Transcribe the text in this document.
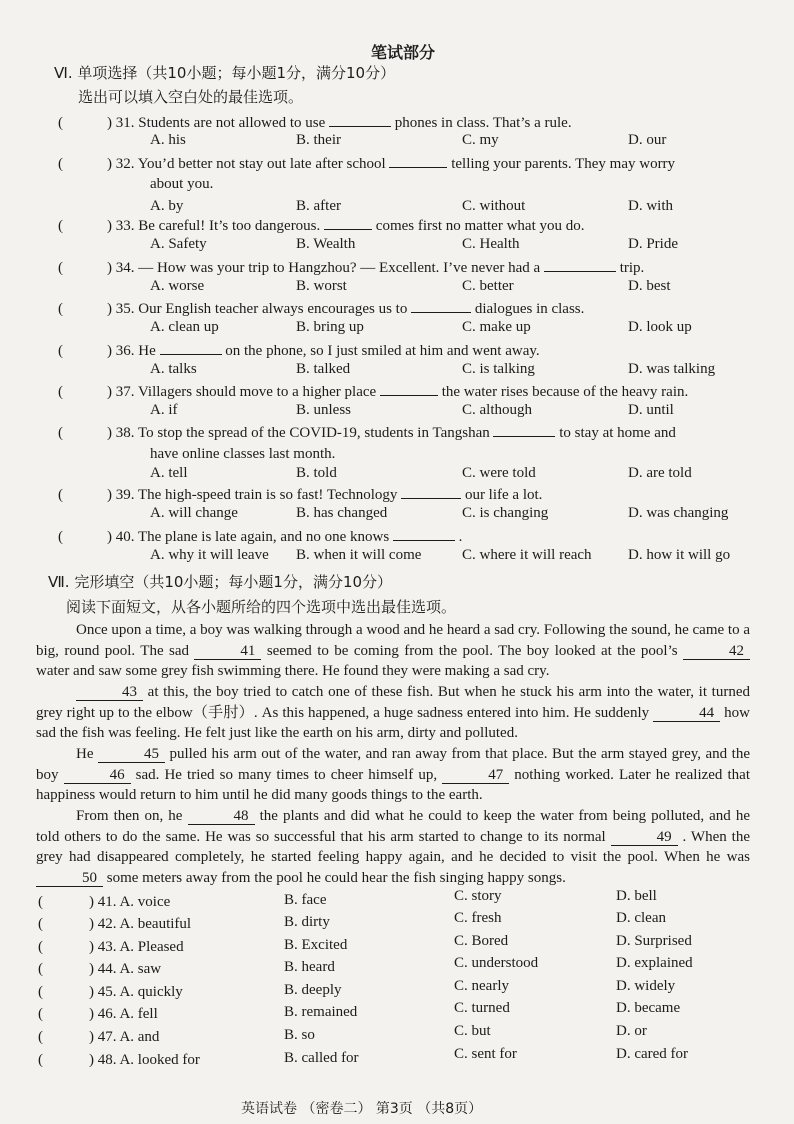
笔试部分
Ⅵ. 单项选择（共10小题；每小题1分，满分10分）
选出可以填入空白处的最佳选项。
(	) 31. Students are not allowed to use	phones in class. That’s a rule.
A. his	B. their	C. my	D. our
(	) 32. You’d better not stay out late after school	telling your parents. They may worry
about you.
A. by	B. after	C. without	D. with
(	) 33. Be careful! It’s too dangerous.	comes first no matter what you do.
A. Safety	B. Wealth	C. Health	D. Pride
(	) 34. — How was your trip to Hangzhou? — Excellent. I’ve never had a	trip.
A. worse	B. worst	C. better	D. best
(	) 35. Our English teacher always encourages us to	dialogues in class.
A. clean up	B. bring up	C. make up	D. look up
(	) 36. He	on the phone, so I just smiled at him and went away.
A. talks	B. talked	C. is talking	D. was talking
(	) 37. Villagers should move to a higher place	the water rises because of the heavy rain.
A. if	B. unless	C. although	D. until
(	) 38. To stop the spread of the COVID-19, students in Tangshan	to stay at home and
have online classes last month.
A. tell	B. told	C. were told	D. are told
(	) 39. The high-speed train is so fast! Technology	our life a lot.
A. will change	B. has changed	C. is changing	D. was changing
(	) 40. The plane is late again, and no one knows	.
A. why it will leave B. when it will come	C. where it will reach D. how it will go
Ⅶ. 完形填空（共10小题；每小题1分，满分10分）
阅读下面短文，从各小题所给的四个选项中选出最佳选项。
Once upon a time, a boy was walking through a wood and he heard a sad cry. Following the sound, he came to a big, round pool. The sad	41 seemed to be coming from the pool. The boy looked at the pool’s	42 water and saw some grey fish swimming there. He found they were making a sad cry.
43 at this, the boy tried to catch one of these fish. But when he stuck his arm into the water, it turned grey right up to the elbow（手肘）. As this happened, a huge sadness entered into him. He suddenly	44 how sad the fish was feeling. He felt just like the earth on his arm, dirty and polluted.
He	45 pulled his arm out of the water, and ran away from that place. But the arm stayed grey, and the boy	46 sad. He tried so many times to cheer himself up,	47 nothing worked. Later he realized that happiness would return to him until he did many goods things to the earth.
From then on, he	48 the plants and did what he could to keep the water from being polluted, and he told others to do the same. He was so successful that his arm started to change to its normal	49 . When the grey had disappeared completely, he started feeling happy again, and he decided to visit the pool. When he was 50 some meters away from the pool he could hear the fish singing happy songs.
(	) 41. A. voice	B. face	C. story	D. bell
(	) 42. A. beautiful	B. dirty	C. fresh	D. clean
(	) 43. A. Pleased	B. Excited	C. Bored	D. Surprised
(	) 44. A. saw	B. heard	C. understood	D. explained
(	) 45. A. quickly	B. deeply	C. nearly	D. widely
(	) 46. A. fell	B. remained	C. turned	D. became
(	) 47. A. and	B. so	C. but	D. or
(	) 48. A. looked for	B. called for	C. sent for	D. cared for
英语试卷 （密卷二） 第3页 （共8页）
